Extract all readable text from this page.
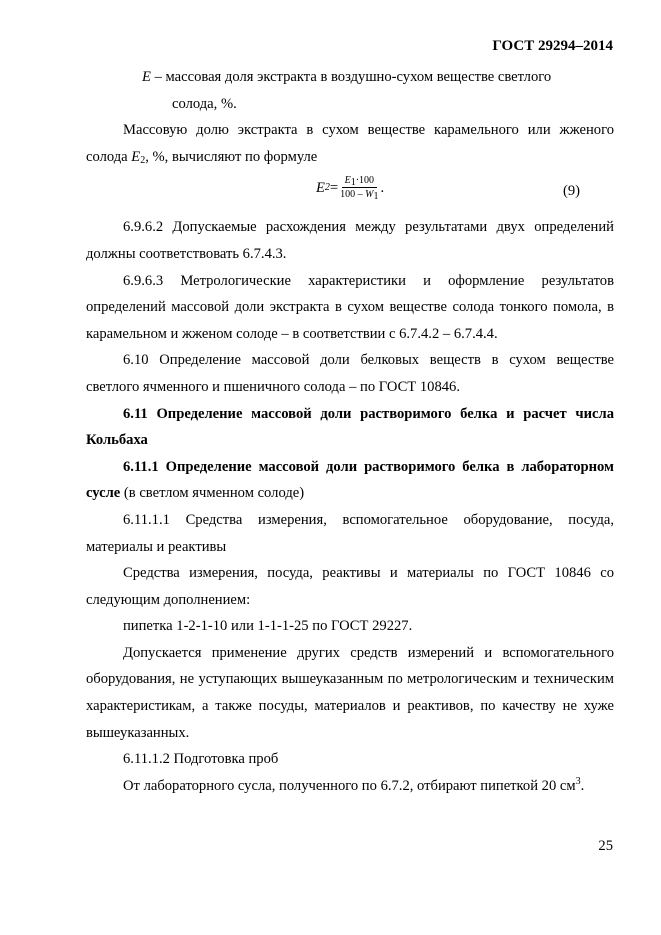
ГОСТ 29294–2014

E – массовая доля экстракта в воздушно-сухом веществе светлого
солода, %.

Массовую долю экстракта в сухом веществе карамельного или жженого солода $E_2$, %, вычисляют по формуле

E $2 = \frac{E_1\cdot 100}{100 - W_1}$ .	(9)

6.9.6.2 Допускаемые расхождения между результатами двух определений должны соответствовать 6.7.4.3.

6.9.6.3 Метрологические характеристики и оформление результатов определений массовой доли экстракта в сухом веществе солода тонкого помола, в карамельном и жженом солоде – в соответствии с 6.7.4.2 – 6.7.4.4.

6.10 Определение массовой доли белковых веществ в сухом веществе светлого ячменного и пшеничного солода – по ГОСТ 10846.

6.11 Определение массовой доли растворимого белка и расчет числа Кольбаха

6.11.1 Определение массовой доли растворимого белка в лабораторном сусле (в светлом ячменном солоде)

6.11.1.1 Средства измерения, вспомогательное оборудование, посуда, материалы и реактивы

Средства измерения, посуда, реактивы и материалы по ГОСТ 10846 со следующим дополнением:

пипетка 1-2-1-10 или 1-1-1-25 по ГОСТ 29227.

Допускается применение других средств измерений и вспомогательного оборудования, не уступающих вышеуказанным по метрологическим и техническим характеристикам, а также посуды, материалов и реактивов, по качеству не хуже вышеуказанных.

6.11.1.2 Подготовка проб

От лабораторного сусла, полученного по 6.7.2, отбирают пипеткой 20 $см^3$.

25
